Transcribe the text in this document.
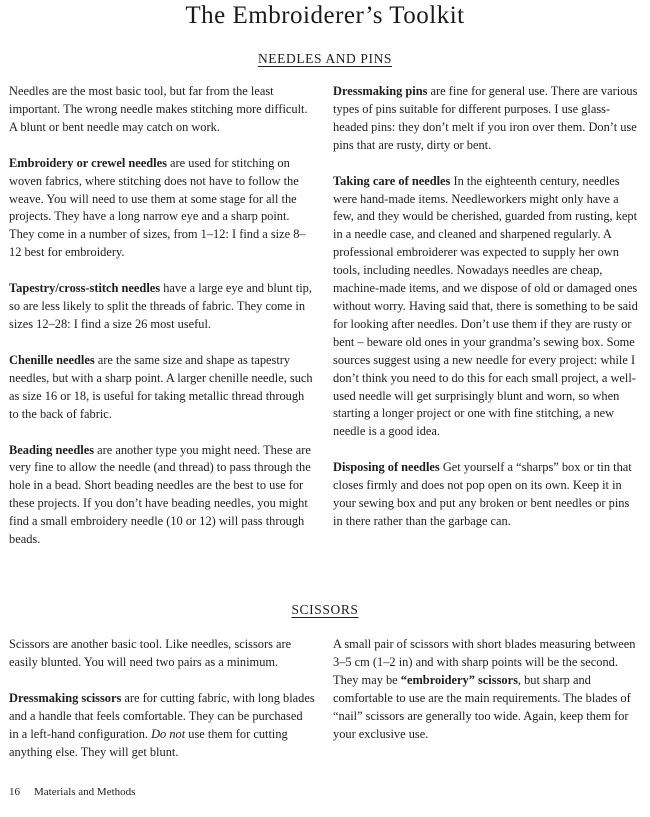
The Embroiderer’s Toolkit
NEEDLES AND PINS

Needles are the most basic tool, but far from the least important. The wrong needle makes stitching more difficult. A blunt or bent needle may catch on work.

Embroidery or crewel needles are used for stitching on woven fabrics, where stitching does not have to follow the weave. You will need to use them at some stage for all the projects. They have a long narrow eye and a sharp point. They come in a number of sizes, from 1–12: I find a size 8–12 best for embroidery.

Tapestry/cross-stitch needles have a large eye and blunt tip, so are less likely to split the threads of fabric. They come in sizes 12–28: I find a size 26 most useful.

Chenille needles are the same size and shape as tapestry needles, but with a sharp point. A larger chenille needle, such as size 16 or 18, is useful for taking metallic thread through to the back of fabric.

Beading needles are another type you might need. These are very fine to allow the needle (and thread) to pass through the hole in a bead. Short beading needles are the best to use for these projects. If you don’t have beading needles, you might find a small embroidery needle (10 or 12) will pass through beads.

Dressmaking pins are fine for general use. There are various types of pins suitable for different purposes. I use glass-headed pins: they don’t melt if you iron over them. Don’t use pins that are rusty, dirty or bent.

Taking care of needles In the eighteenth century, needles were hand-made items. Needleworkers might only have a few, and they would be cherished, guarded from rusting, kept in a needle case, and cleaned and sharpened regularly. A professional embroiderer was expected to supply her own tools, including needles. Nowadays needles are cheap, machine-made items, and we dispose of old or damaged ones without worry. Having said that, there is something to be said for looking after needles. Don’t use them if they are rusty or bent – beware old ones in your grandma’s sewing box. Some sources suggest using a new needle for every project: while I don’t think you need to do this for each small project, a well-used needle will get surprisingly blunt and worn, so when starting a longer project or one with fine stitching, a new needle is a good idea.

Disposing of needles Get yourself a “sharps” box or tin that closes firmly and does not pop open on its own. Keep it in your sewing box and put any broken or bent needles or pins in there rather than the garbage can.

SCISSORS

Scissors are another basic tool. Like needles, scissors are easily blunted. You will need two pairs as a minimum.

Dressmaking scissors are for cutting fabric, with long blades and a handle that feels comfortable. They can be purchased in a left-hand configuration. Do not use them for cutting anything else. They will get blunt.

A small pair of scissors with short blades measuring between 3–5 cm (1–2 in) and with sharp points will be the second. They may be “embroidery” scissors, but sharp and comfortable to use are the main requirements. The blades of “nail” scissors are generally too wide. Again, keep them for your exclusive use.

16 Materials and Methods
